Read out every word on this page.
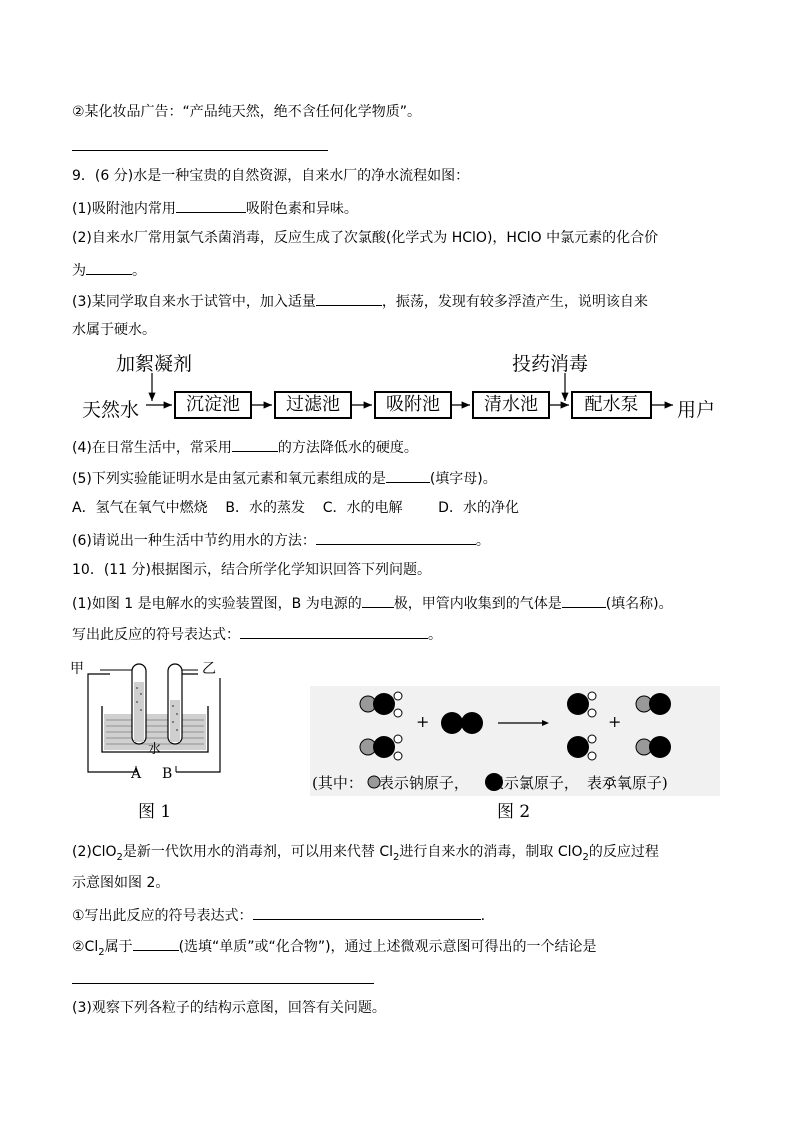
②某化妆品广告：“产品纯天然，绝不含任何化学物质”。
9．(6 分)水是一种宝贵的自然资源，自来水厂的净水流程如图：
(1)吸附池内常用	吸附色素和异味。
(2)自来水厂常用氯气杀菌消毒，反应生成了次氯酸(化学式为 HClO)，HClO 中氯元素的化合价
为	。
(3)某同学取自来水于试管中，加入适量	，振荡，发现有较多浮渣产生，说明该自来
水属于硬水。
加絮凝剂	投药消毒
天然水	沉淀池	过滤池	吸附池	清水池	配水泵	用户
(4)在日常生活中，常采用	的方法降低水的硬度。
(5)下列实验能证明水是由氢元素和氧元素组成的是	(填字母)。
A．氢气在氧气中燃烧    B．水的蒸发    C．水的电解        D．水的净化
(6)请说出一种生活中节约用水的方法：	。
10．(11 分)根据图示，结合所学化学知识回答下列问题。
(1)如图 1 是电解水的实验装置图，B 为电源的 极，甲管内收集到的气体是	(填名称)。
写出此反应的符号表达式：	。
甲	乙
水
A B
图 1
+	+
(其中： 表示钠原子， 表示氯原子， 表示氧原子)
图 2
(2)ClO$_2$是新一代饮用水的消毒剂，可以用来代替 $Cl_2$进行自来水的消毒，制取 ClO$_2$的反应过程
示意图如图 2。
①写出此反应的符号表达式：	.
$②Cl_2$属于	(选填“单质”或“化合物”)，通过上述微观示意图可得出的一个结论是
(3)观察下列各粒子的结构示意图，回答有关问题。
